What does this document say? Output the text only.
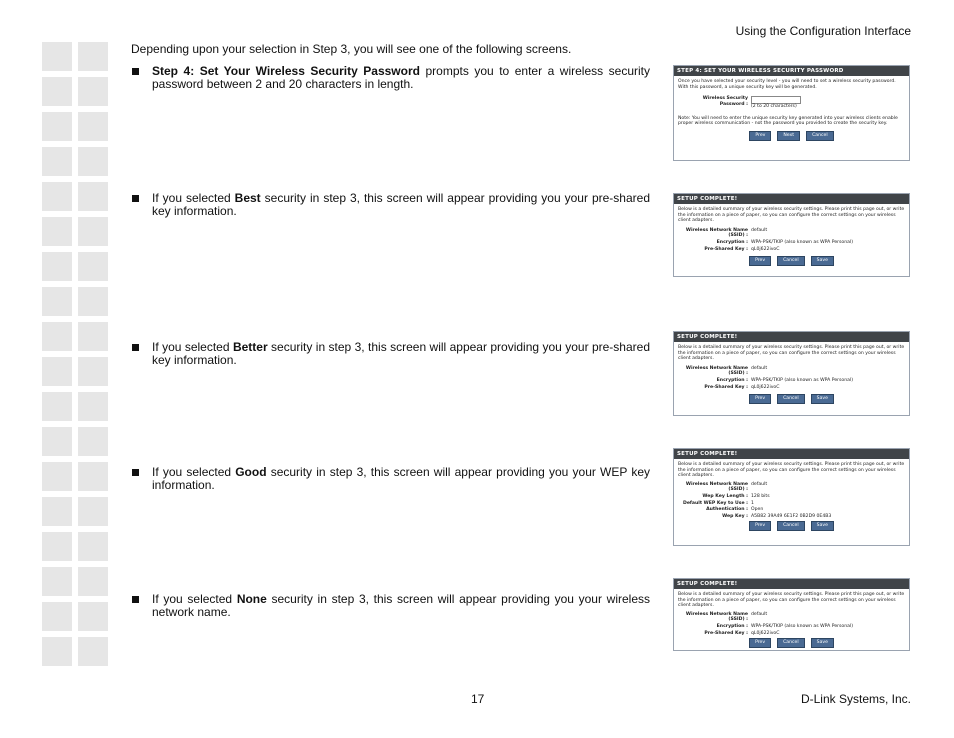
Using the Configuration Interface
Depending upon your selection in Step 3, you will see one of the following screens.
Step 4: Set Your Wireless Security Password prompts you to enter a wireless security password between 2 and 20 characters in length.
If you selected Best security in step 3, this screen will appear providing you your pre-shared key information.
If you selected Better security in step 3, this screen will appear providing you your pre-shared key information.
If you selected Good security in step 3, this screen will appear providing you your WEP key information.
If you selected None security in step 3, this screen will appear providing you your wireless network name.
STEP 4: SET YOUR WIRELESS SECURITY PASSWORD
Once you have selected your security level - you will need to set a wireless security password. With this password, a unique security key will be generated.
Wireless Security Password : (2 to 20 characters)
Note: You will need to enter the unique security key generated into your wireless clients enable proper wireless communication - not the password you provided to create the security key.
Prev	Next	Cancel
SETUP COMPLETE!
Below is a detailed summary of your wireless security settings. Please print this page out, or write the information on a piece of paper, so you can configure the correct settings on your wireless client adapters.
Wireless Network Name (SSID) :
default
Encryption : WPA-PSK/TKIP (also known as WPA Personal)
Pre-Shared Key : qL0j622ivoC
Prev	Cancel	Save
SETUP COMPLETE!
Below is a detailed summary of your wireless security settings. Please print this page out, or write the information on a piece of paper, so you can configure the correct settings on your wireless client adapters.
Wireless Network Name (SSID) :
default
Encryption : WPA-PSK/TKIP (also known as WPA Personal)
Pre-Shared Key : qL0j622ivoC
Prev	Cancel	Save
SETUP COMPLETE!
Below is a detailed summary of your wireless security settings. Please print this page out, or write the information on a piece of paper, so you can configure the correct settings on your wireless client adapters.
Wireless Network Name (SSID) :
default
Wep Key Length : 128 bits
Default WEP Key to Use : 1
Authentication : Open
Wep Key : A5B82 39A49 6E1F2 0B2D9 0E4B3
Prev	Cancel	Save
SETUP COMPLETE!
Below is a detailed summary of your wireless security settings. Please print this page out, or write the information on a piece of paper, so you can configure the correct settings on your wireless client adapters.
Wireless Network Name (SSID) :
default
Encryption : WPA-PSK/TKIP (also known as WPA Personal)
Pre-Shared Key : qL0j622ivoC
Prev	Cancel	Save
17	D-Link Systems, Inc.
